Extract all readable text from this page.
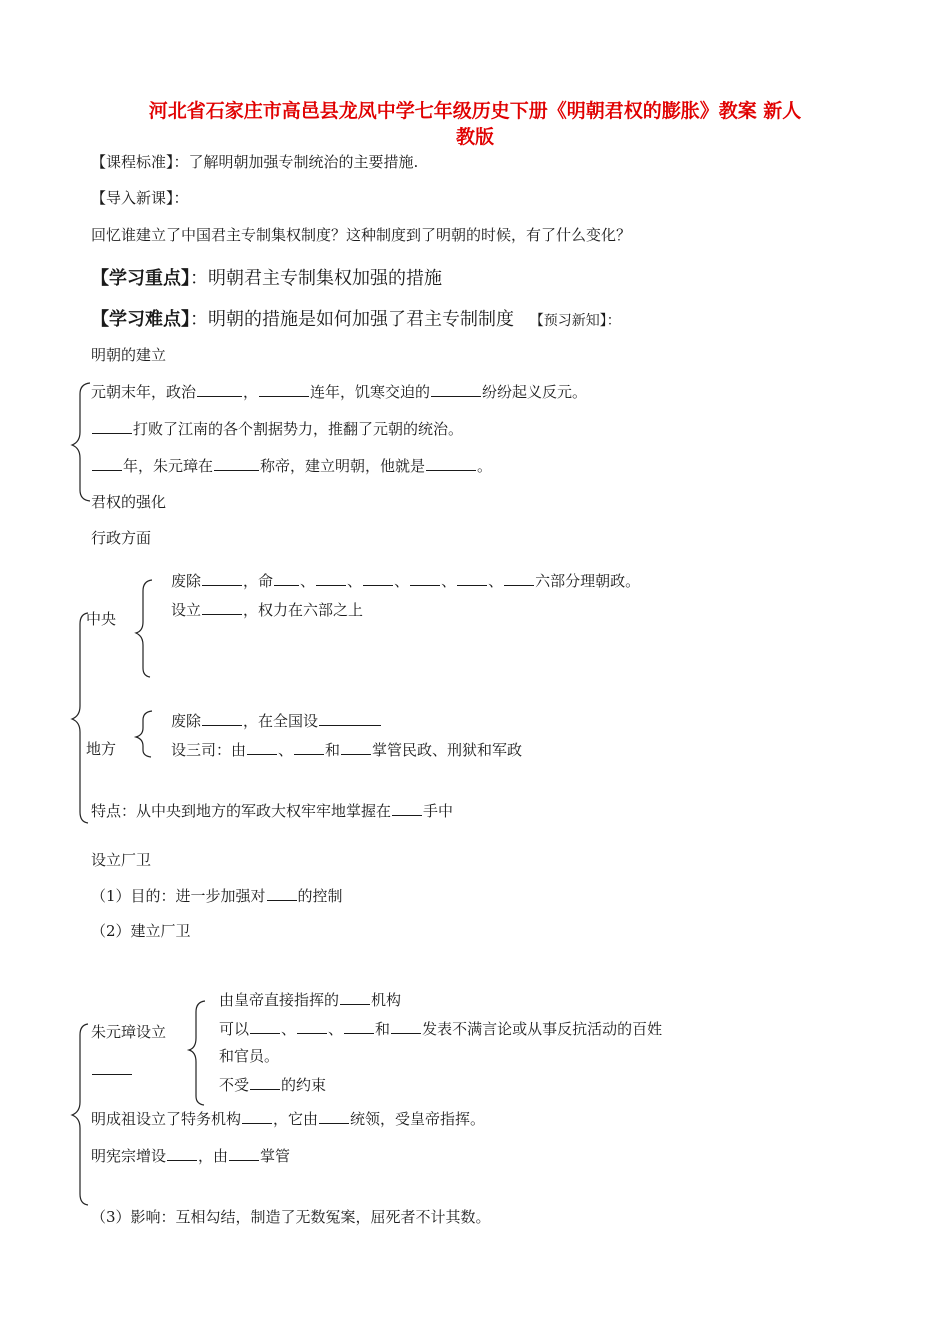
河北省石家庄市高邑县龙凤中学七年级历史下册《明朝君权的膨胀》教案 新人
教版
【课程标准】：了解明朝加强专制统治的主要措施.
【导入新课】：
回忆谁建立了中国君主专制集权制度？这种制度到了明朝的时候，有了什么变化？
【学习重点】：明朝君主专制集权加强的措施
【学习难点】：明朝的措施是如何加强了君主专制制度 【预习新知】：
明朝的建立
元朝末年，政治	，	连年，饥寒交迫的	纷纷起义反元。
打败了江南的各个割据势力，推翻了元朝的统治。
年，朱元璋在	称帝，建立明朝，他就是	。
君权的强化
行政方面
废除	，命 、 、 、 、 、 六部分理朝政。
设立	，权力在六部之上
中央
废除	，在全国设
设三司：由 、 和 掌管民政、刑狱和军政
地方
特点：从中央到地方的军政大权牢牢地掌握在 手中
设立厂卫
（1）目的：进一步加强对 的控制
（2）建立厂卫
由皇帝直接指挥的 机构
朱元璋设立	可以 、 、 和 发表不满言论或从事反抗活动的百姓
和官员。
不受 的约束
明成祖设立了特务机构 ，它由 统领，受皇帝指挥。
明宪宗增设 ，由 掌管
（3）影响：互相勾结，制造了无数冤案，屈死者不计其数。
